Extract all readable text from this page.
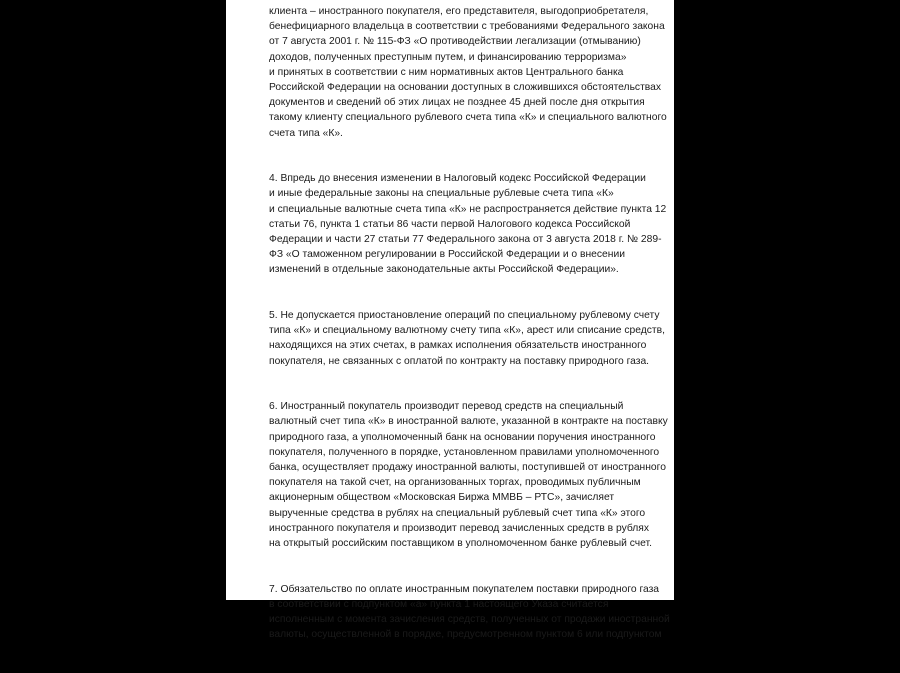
клиента – иностранного покупателя, его представителя, выгодоприобретателя,
бенефициарного владельца в соответствии с требованиями Федерального закона
от 7 августа 2001 г. № 115-ФЗ «О противодействии легализации (отмыванию)
доходов, полученных преступным путем, и финансированию терроризма»
и принятых в соответствии с ним нормативных актов Центрального банка
Российской Федерации на основании доступных в сложившихся обстоятельствах
документов и сведений об этих лицах не позднее 45 дней после дня открытия
такому клиенту специального рублевого счета типа «К» и специального валютного
счета типа «К».

4. Впредь до внесения изменении в Налоговый кодекс Российской Федерации
и иные федеральные законы на специальные рублевые счета типа «К»
и специальные валютные счета типа «К» не распространяется действие пункта 12
статьи 76, пункта 1 статьи 86 части первой Налогового кодекса Российской
Федерации и части 27 статьи 77 Федерального закона от 3 августа 2018 г. № 289-
ФЗ «О таможенном регулировании в Российской Федерации и о внесении
изменений в отдельные законодательные акты Российской Федерации».

5. Не допускается приостановление операций по специальному рублевому счету
типа «К» и специальному валютному счету типа «К», арест или списание средств,
находящихся на этих счетах, в рамках исполнения обязательств иностранного
покупателя, не связанных с оплатой по контракту на поставку природного газа.

6. Иностранный покупатель производит перевод средств на специальный
валютный счет типа «К» в иностранной валюте, указанной в контракте на поставку
природного газа, а уполномоченный банк на основании поручения иностранного
покупателя, полученного в порядке, установленном правилами уполномоченного
банка, осуществляет продажу иностранной валюты, поступившей от иностранного
покупателя на такой счет, на организованных торгах, проводимых публичным
акционерным обществом «Московская Биржа ММВБ – РТС», зачисляет
вырученные средства в рублях на специальный рублевый счет типа «К» этого
иностранного покупателя и производит перевод зачисленных средств в рублях
на открытый российским поставщиком в уполномоченном банке рублевый счет.

7. Обязательство по оплате иностранным покупателем поставки природного газа
в соответствии с подпунктом «а» пункта 1 настоящего Указа считается
исполненным с момента зачисления средств, полученных от продажи иностранной
валюты, осуществленной в порядке, предусмотренном пунктом 6 или подпунктом
